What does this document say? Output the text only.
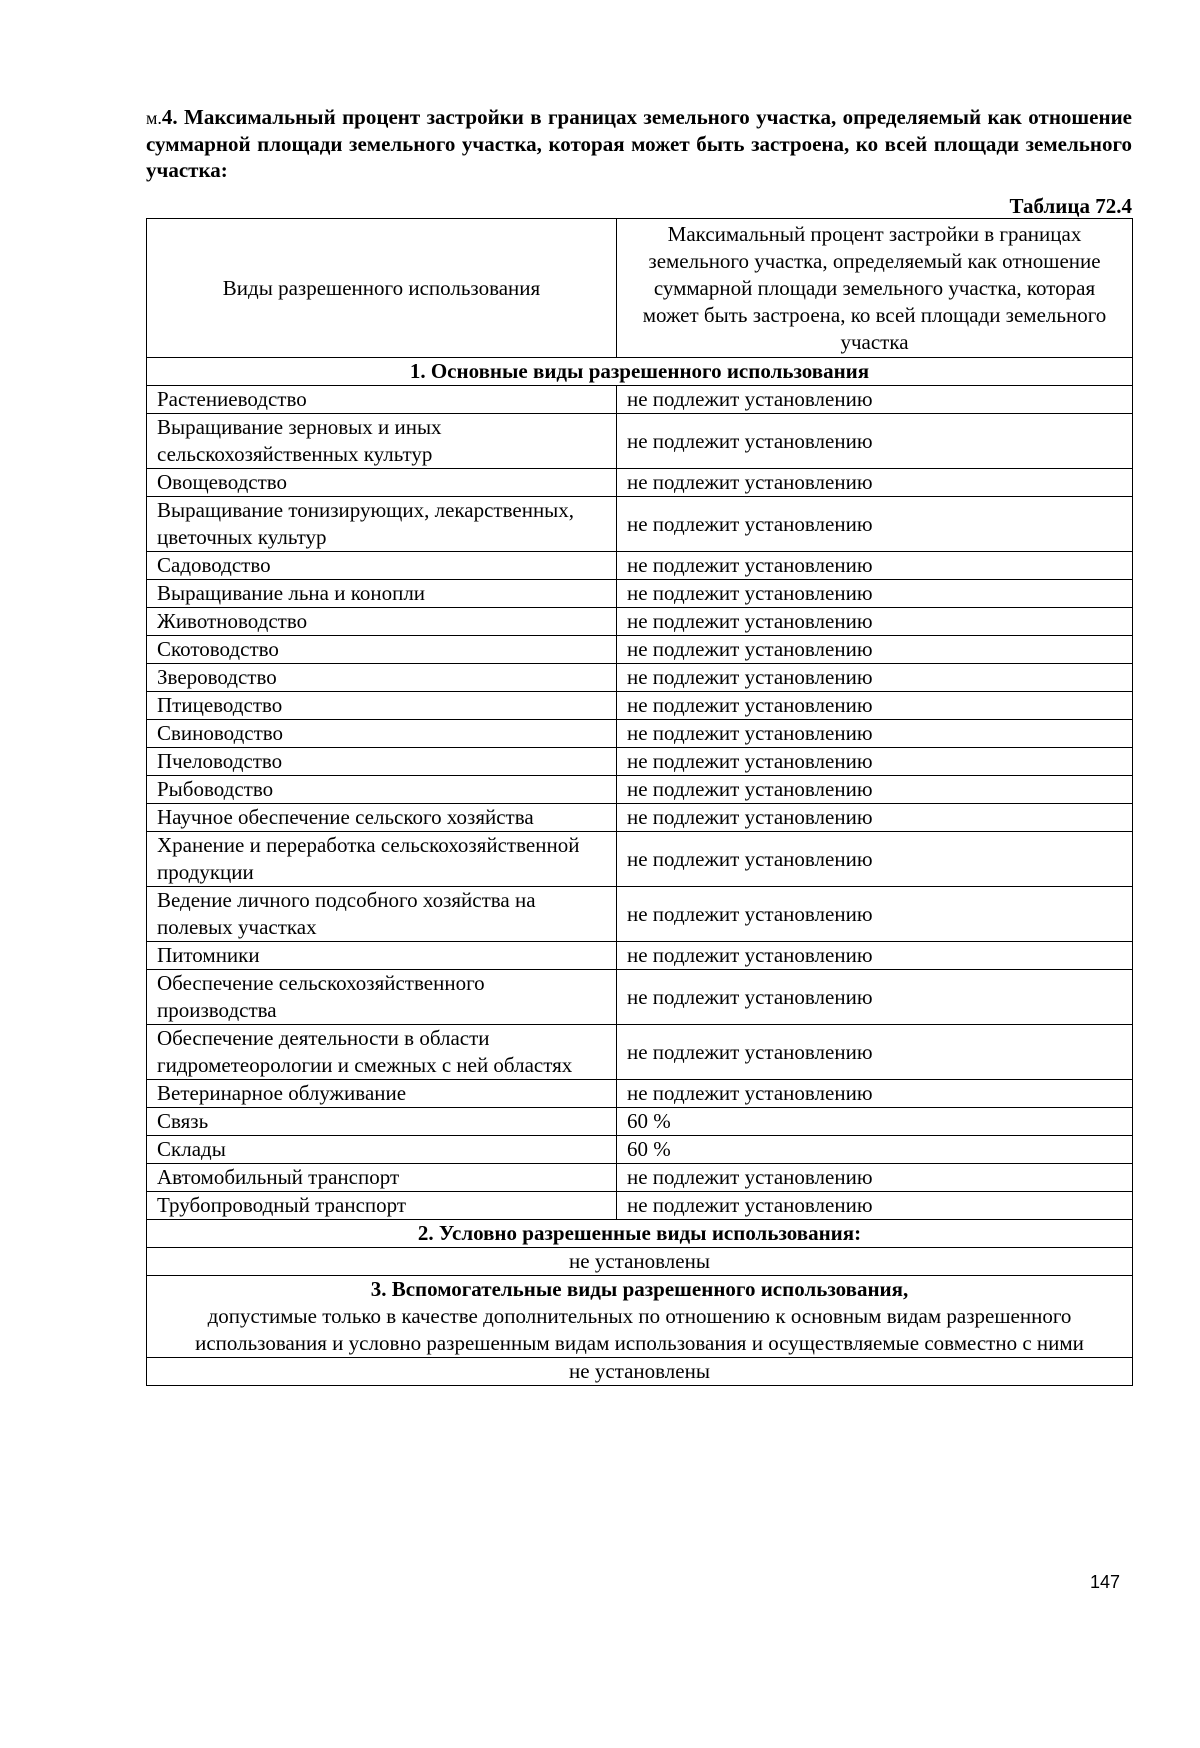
м.4. Максимальный процент застройки в границах земельного участка, определяемый как отношение суммарной площади земельного участка, которая может быть застроена, ко всей площади земельного участка:
Таблица 72.4
Виды разрешенного использования	Максимальный процент застройки в границах земельного участка, определяемый как отношение суммарной площади земельного участка, которая может быть застроена, ко всей площади земельного участка
1. Основные виды разрешенного использования	
Растениеводство	не подлежит установлению
Выращивание зерновых и иных сельскохозяйственных культур	не подлежит установлению
Овощеводство	не подлежит установлению
Выращивание тонизирующих, лекарственных, цветочных культур	не подлежит установлению
Садоводство	не подлежит установлению
Выращивание льна и конопли	не подлежит установлению
Животноводство	не подлежит установлению
Скотоводство	не подлежит установлению
Звероводство	не подлежит установлению
Птицеводство	не подлежит установлению
Свиноводство	не подлежит установлению
Пчеловодство	не подлежит установлению
Рыбоводство	не подлежит установлению
Научное обеспечение сельского хозяйства	не подлежит установлению
Хранение и переработка сельскохозяйственной продукции	не подлежит установлению
Ведение личного подсобного хозяйства на полевых участках	не подлежит установлению
Питомники	не подлежит установлению
Обеспечение сельскохозяйственного производства	не подлежит установлению
Обеспечение деятельности в области гидрометеорологии и смежных с ней областях	не подлежит установлению
Ветеринарное облуживание	не подлежит установлению
Связь	60 %
Склады	60 %
Автомобильный транспорт	не подлежит установлению
Трубопроводный транспорт	не подлежит установлению
2. Условно разрешенные виды использования:	
не установлены	

3. Вспомогательные виды разрешенного использования,
допустимые только в качестве дополнительных по отношению к основным видам разрешенного использования и условно разрешенным видам использования и осуществляемые совместно с ними	
не установлены	
147
